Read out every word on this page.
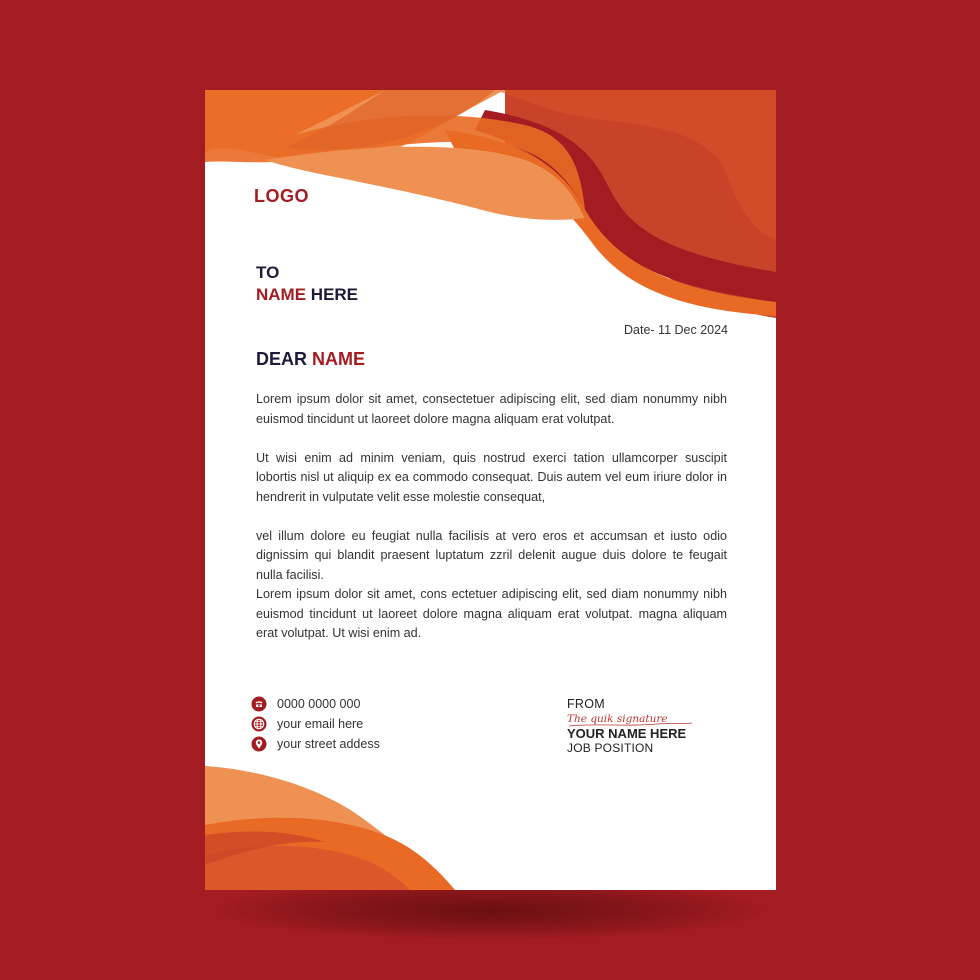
LOGO
TO
NAME HERE
Date- 11 Dec 2024
DEAR NAME

Lorem ipsum dolor sit amet, consectetuer adipiscing elit, sed diam nonummy nibh euismod tincidunt ut laoreet dolore magna aliquam erat volutpat.

Ut wisi enim ad minim veniam, quis nostrud exerci tation ullamcorper suscipit lobortis nisl ut aliquip ex ea commodo consequat. Duis autem vel eum iriure dolor in hendrerit in vulputate velit esse molestie consequat,

vel illum dolore eu feugiat nulla facilisis at vero eros et accumsan et iusto odio dignissim qui blandit praesent luptatum zzril delenit augue duis dolore te feugait nulla facilisi.

Lorem ipsum dolor sit amet, cons ectetuer adipiscing elit, sed diam nonummy nibh euismod tincidunt ut laoreet dolore magna aliquam erat volutpat. magna aliquam erat volutpat. Ut wisi enim ad.

0000 0000 000
your email here
your street addess
FROM
The quik signature
YOUR NAME HERE
JOB POSITION
